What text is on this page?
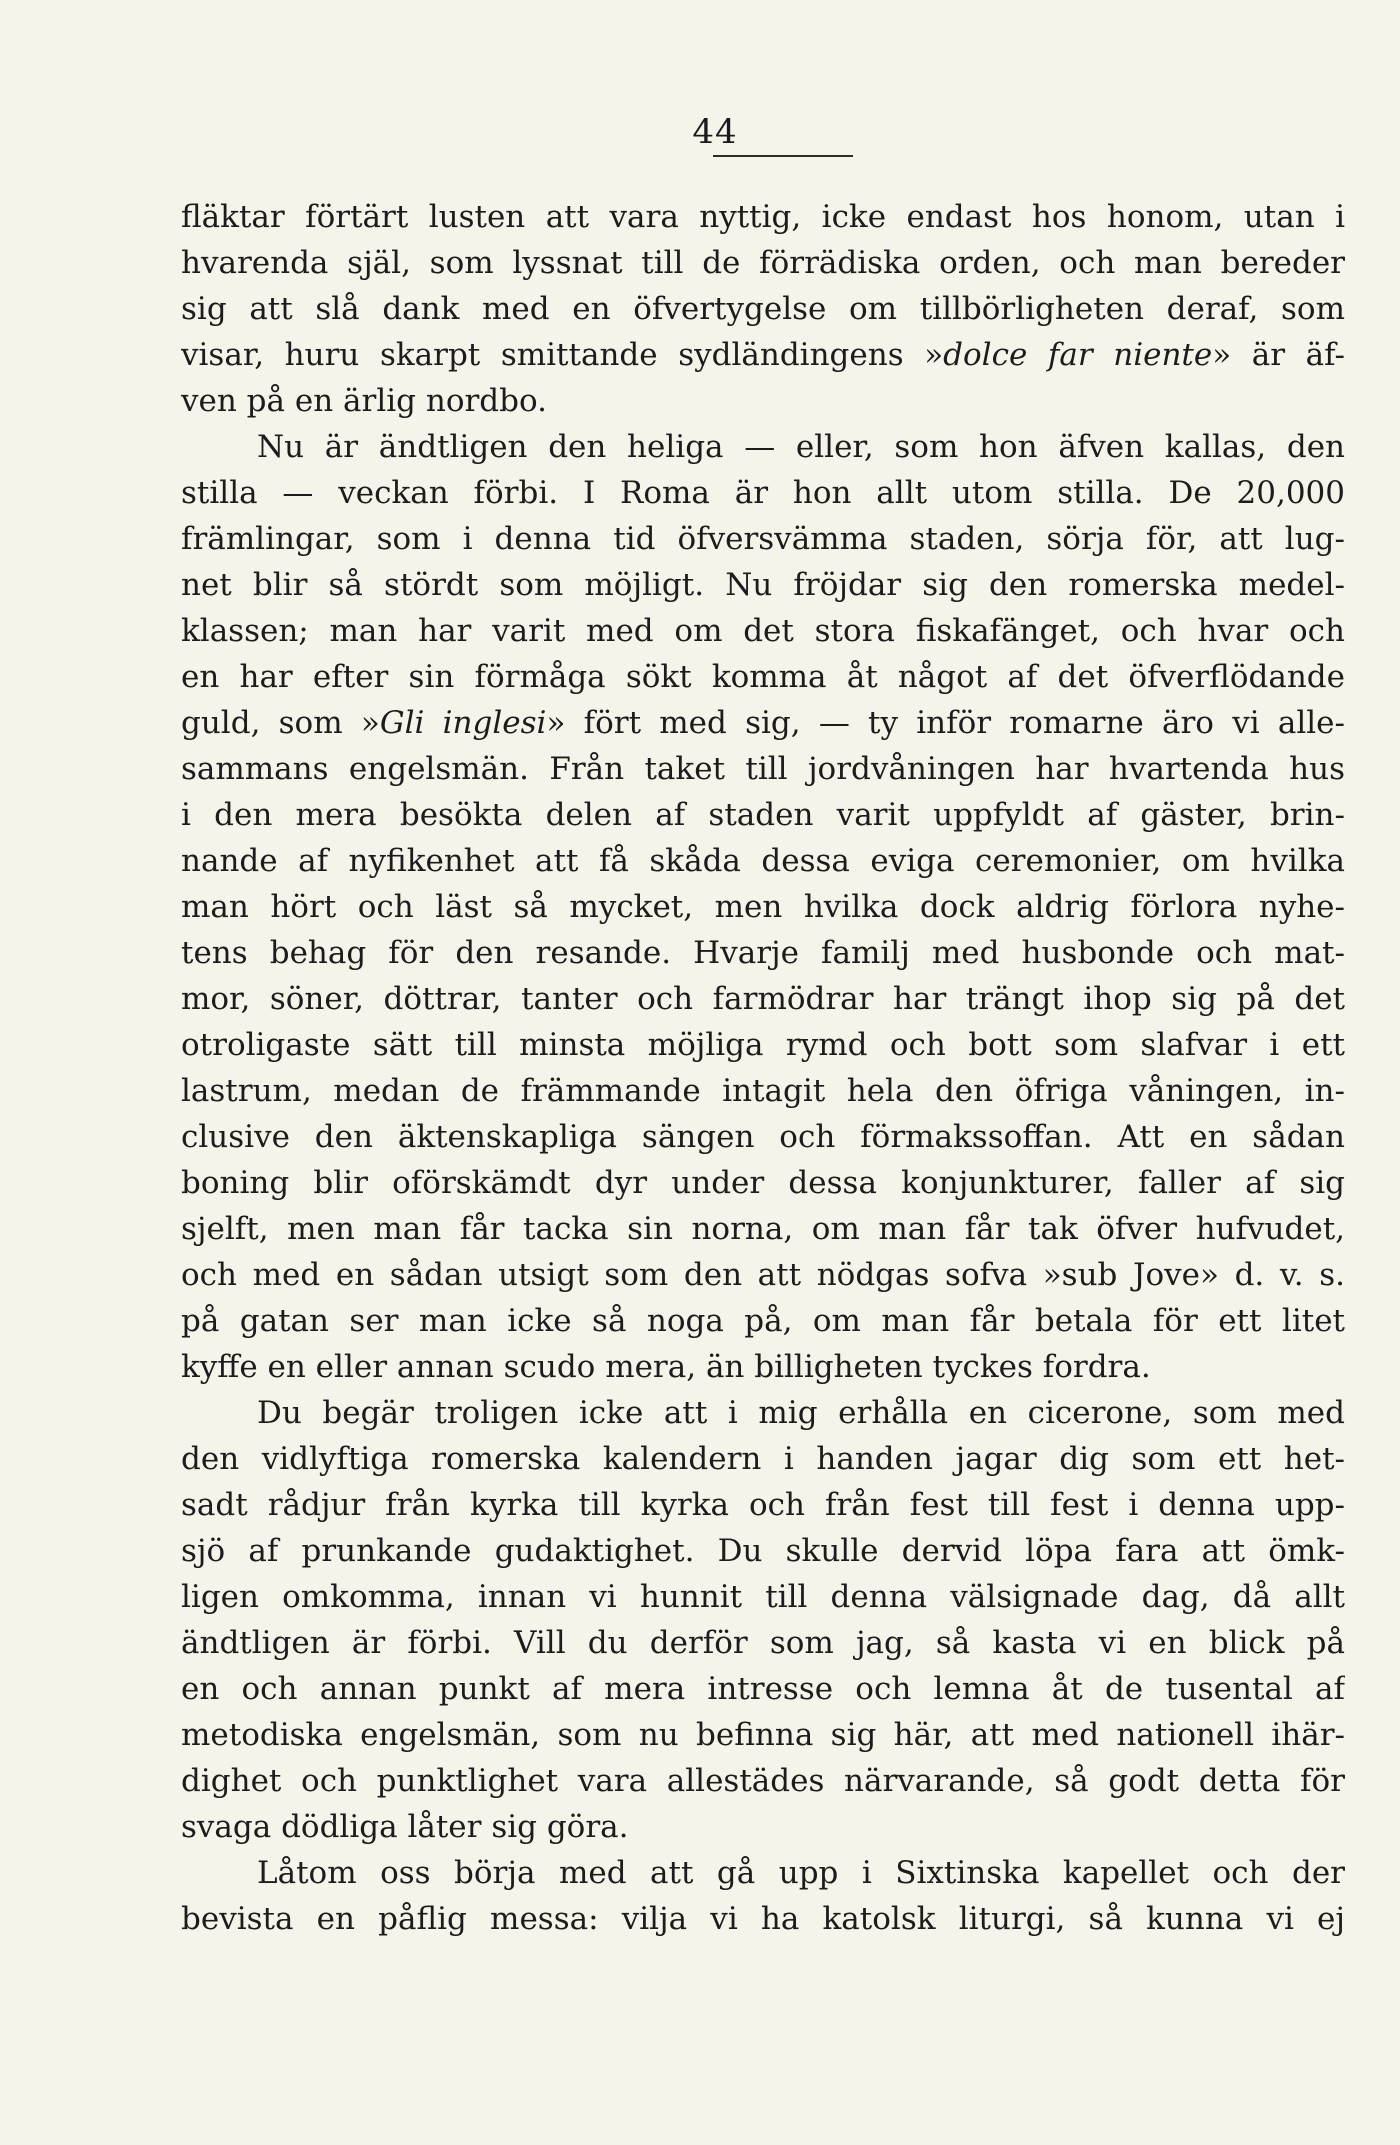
44
fläktar förtärt lusten att vara nyttig, icke endast hos honom, utan i
hvarenda själ, som lyssnat till de förrädiska orden, och man bereder
sig att slå dank med en öfvertygelse om tillbörligheten deraf, som
visar, huru skarpt smittande sydländingens »dolce far niente» är äf-
ven på en ärlig nordbo.
Nu är ändtligen den heliga — eller, som hon äfven kallas, den
stilla — veckan förbi. I Roma är hon allt utom stilla. De 20,000
främlingar, som i denna tid öfversvämma staden, sörja för, att lug-
net blir så stördt som möjligt. Nu fröjdar sig den romerska medel-
klassen; man har varit med om det stora fiskafänget, och hvar och
en har efter sin förmåga sökt komma åt något af det öfverflödande
guld, som »Gli inglesi» fört med sig, — ty inför romarne äro vi alle-
sammans engelsmän. Från taket till jordvåningen har hvartenda hus
i den mera besökta delen af staden varit uppfyldt af gäster, brin-
nande af nyfikenhet att få skåda dessa eviga ceremonier, om hvilka
man hört och läst så mycket, men hvilka dock aldrig förlora nyhe-
tens behag för den resande. Hvarje familj med husbonde och mat-
mor, söner, döttrar, tanter och farmödrar har trängt ihop sig på det
otroligaste sätt till minsta möjliga rymd och bott som slafvar i ett
lastrum, medan de främmande intagit hela den öfriga våningen, in-
clusive den äktenskapliga sängen och förmakssoffan. Att en sådan
boning blir oförskämdt dyr under dessa konjunkturer, faller af sig
sjelft, men man får tacka sin norna, om man får tak öfver hufvudet,
och med en sådan utsigt som den att nödgas sofva »sub Jove» d. v. s.
på gatan ser man icke så noga på, om man får betala för ett litet
kyffe en eller annan scudo mera, än billigheten tyckes fordra.
Du begär troligen icke att i mig erhålla en cicerone, som med
den vidlyftiga romerska kalendern i handen jagar dig som ett het-
sadt rådjur från kyrka till kyrka och från fest till fest i denna upp-
sjö af prunkande gudaktighet. Du skulle dervid löpa fara att ömk-
ligen omkomma, innan vi hunnit till denna välsignade dag, då allt
ändtligen är förbi. Vill du derför som jag, så kasta vi en blick på
en och annan punkt af mera intresse och lemna åt de tusental af
metodiska engelsmän, som nu befinna sig här, att med nationell ihär-
dighet och punktlighet vara allestädes närvarande, så godt detta för
svaga dödliga låter sig göra.
Låtom oss börja med att gå upp i Sixtinska kapellet och der
bevista en påflig messa: vilja vi ha katolsk liturgi, så kunna vi ej
